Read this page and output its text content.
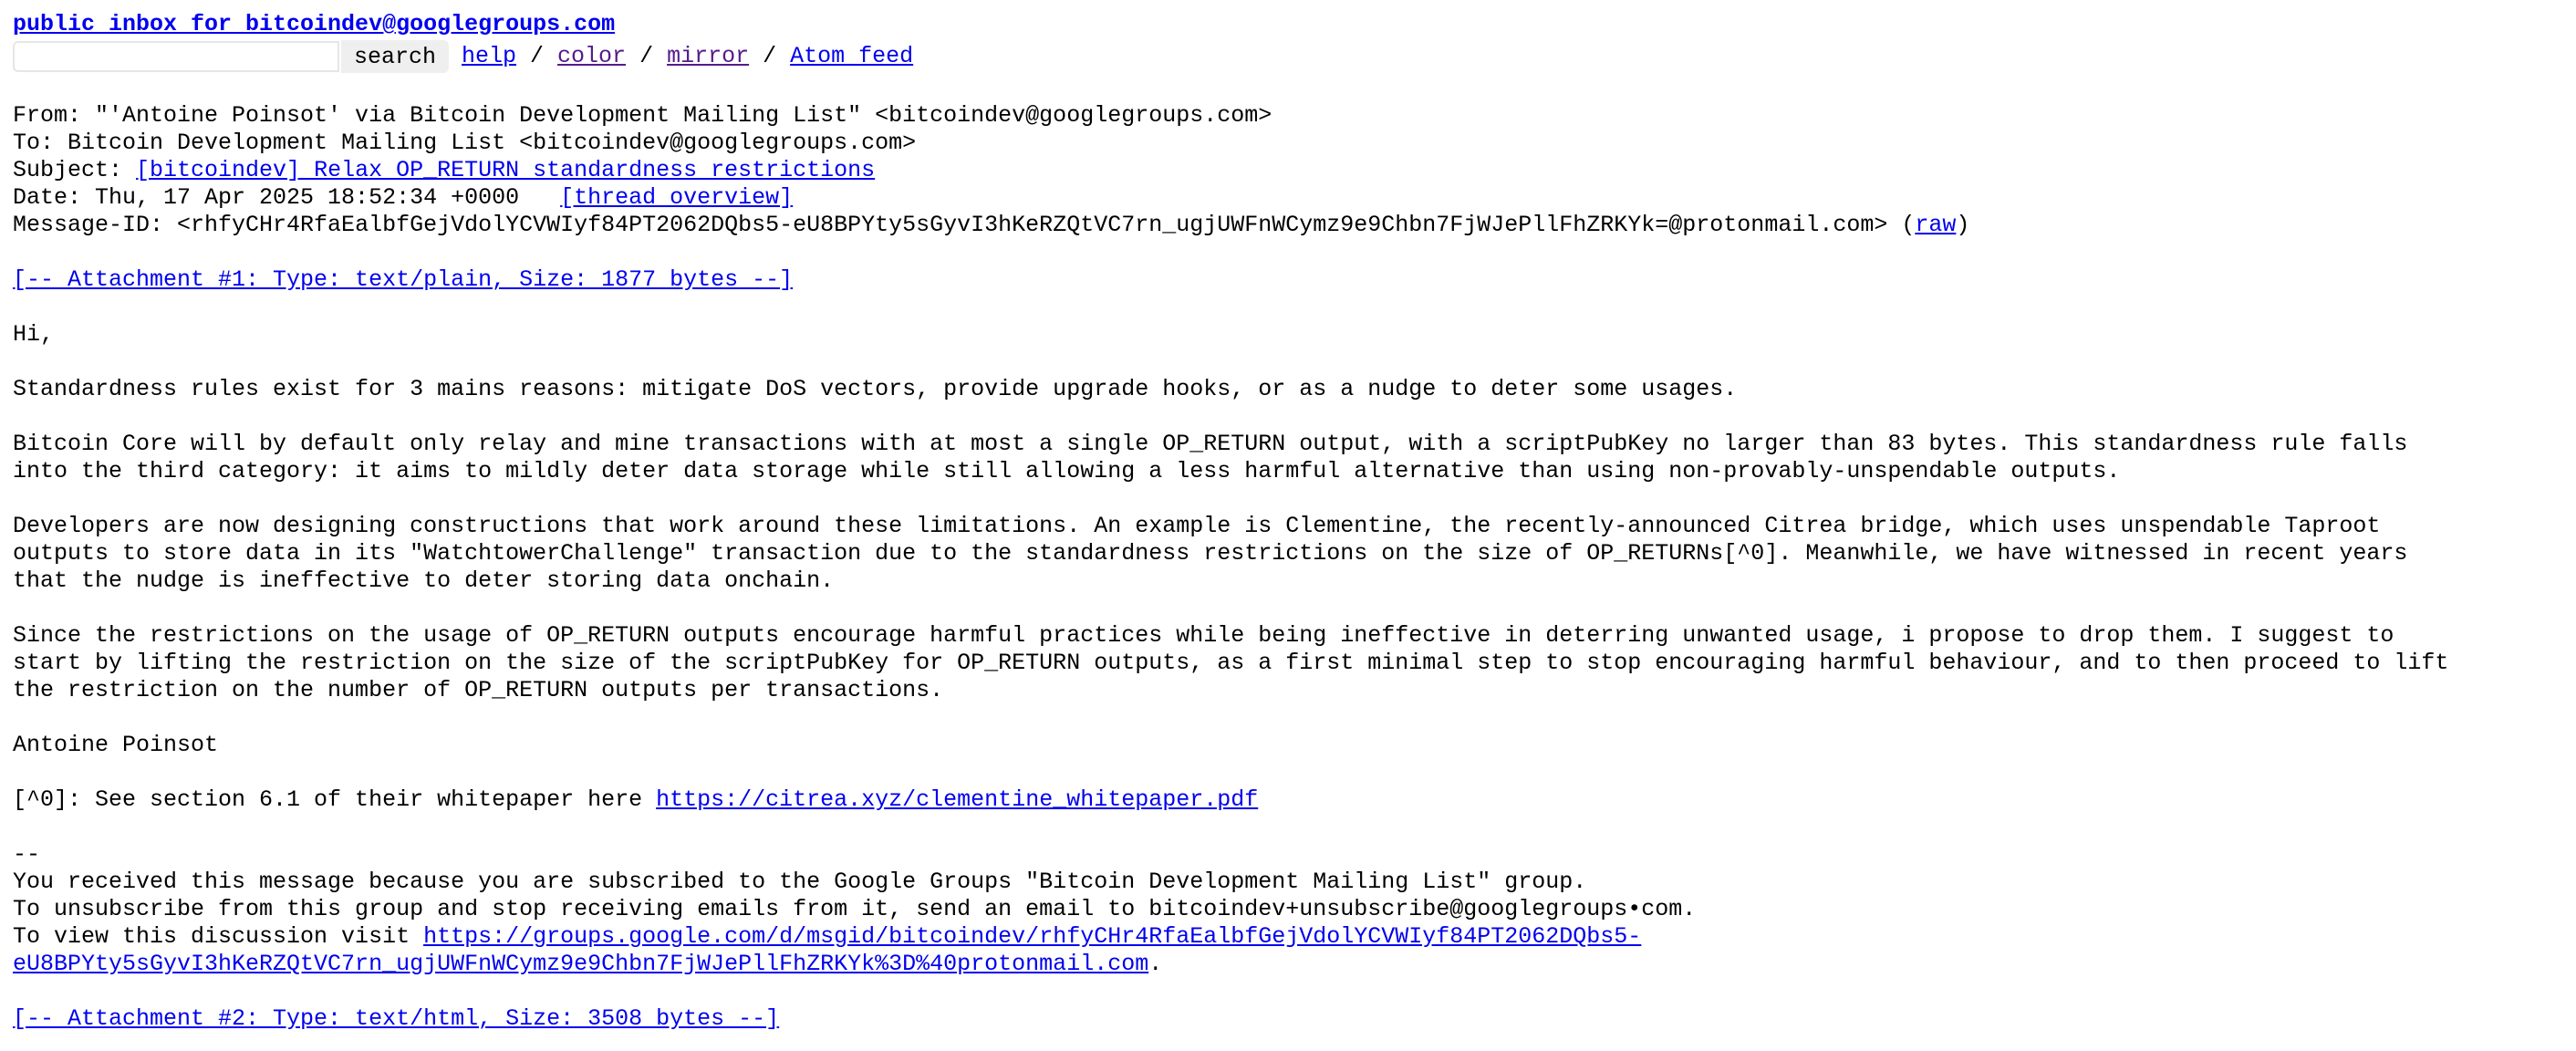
public inbox for bitcoindev@googlegroups.com
search	help / color / mirror / Atom feed
From: "'Antoine Poinsot' via Bitcoin Development Mailing List" <bitcoindev@googlegroups.com>
To: Bitcoin Development Mailing List <bitcoindev@googlegroups.com>
Subject: [bitcoindev] Relax OP_RETURN standardness restrictions
Date: Thu, 17 Apr 2025 18:52:34 +0000   [thread overview]
Message-ID: <rhfyCHr4RfaEalbfGejVdolYCVWIyf84PT2062DQbs5-eU8BPYty5sGyvI3hKeRZQtVC7rn_ugjUWFnWCymz9e9Chbn7FjWJePllFhZRKYk=@protonmail.com> (raw)
[-- Attachment #1: Type: text/plain, Size: 1877 bytes --]
Hi,
Standardness rules exist for 3 mains reasons: mitigate DoS vectors, provide upgrade hooks, or as a nudge to deter some usages.
Bitcoin Core will by default only relay and mine transactions with at most a single OP_RETURN output, with a scriptPubKey no larger than 83 bytes. This standardness rule falls
into the third category: it aims to mildly deter data storage while still allowing a less harmful alternative than using non-provably-unspendable outputs.
Developers are now designing constructions that work around these limitations. An example is Clementine, the recently-announced Citrea bridge, which uses unspendable Taproot
outputs to store data in its "WatchtowerChallenge" transaction due to the standardness restrictions on the size of OP_RETURNs[^0]. Meanwhile, we have witnessed in recent years
that the nudge is ineffective to deter storing data onchain.
Since the restrictions on the usage of OP_RETURN outputs encourage harmful practices while being ineffective in deterring unwanted usage, i propose to drop them. I suggest to
start by lifting the restriction on the size of the scriptPubKey for OP_RETURN outputs, as a first minimal step to stop encouraging harmful behaviour, and to then proceed to lift
the restriction on the number of OP_RETURN outputs per transactions.
Antoine Poinsot
[^0]: See section 6.1 of their whitepaper here https://citrea.xyz/clementine_whitepaper.pdf
--
You received this message because you are subscribed to the Google Groups "Bitcoin Development Mailing List" group.
To unsubscribe from this group and stop receiving emails from it, send an email to bitcoindev+unsubscribe@googlegroups•com.
To view this discussion visit https://groups.google.com/d/msgid/bitcoindev/rhfyCHr4RfaEalbfGejVdolYCVWIyf84PT2062DQbs5-
eU8BPYty5sGyvI3hKeRZQtVC7rn_ugjUWFnWCymz9e9Chbn7FjWJePllFhZRKYk%3D%40protonmail.com.
[-- Attachment #2: Type: text/html, Size: 3508 bytes --]
